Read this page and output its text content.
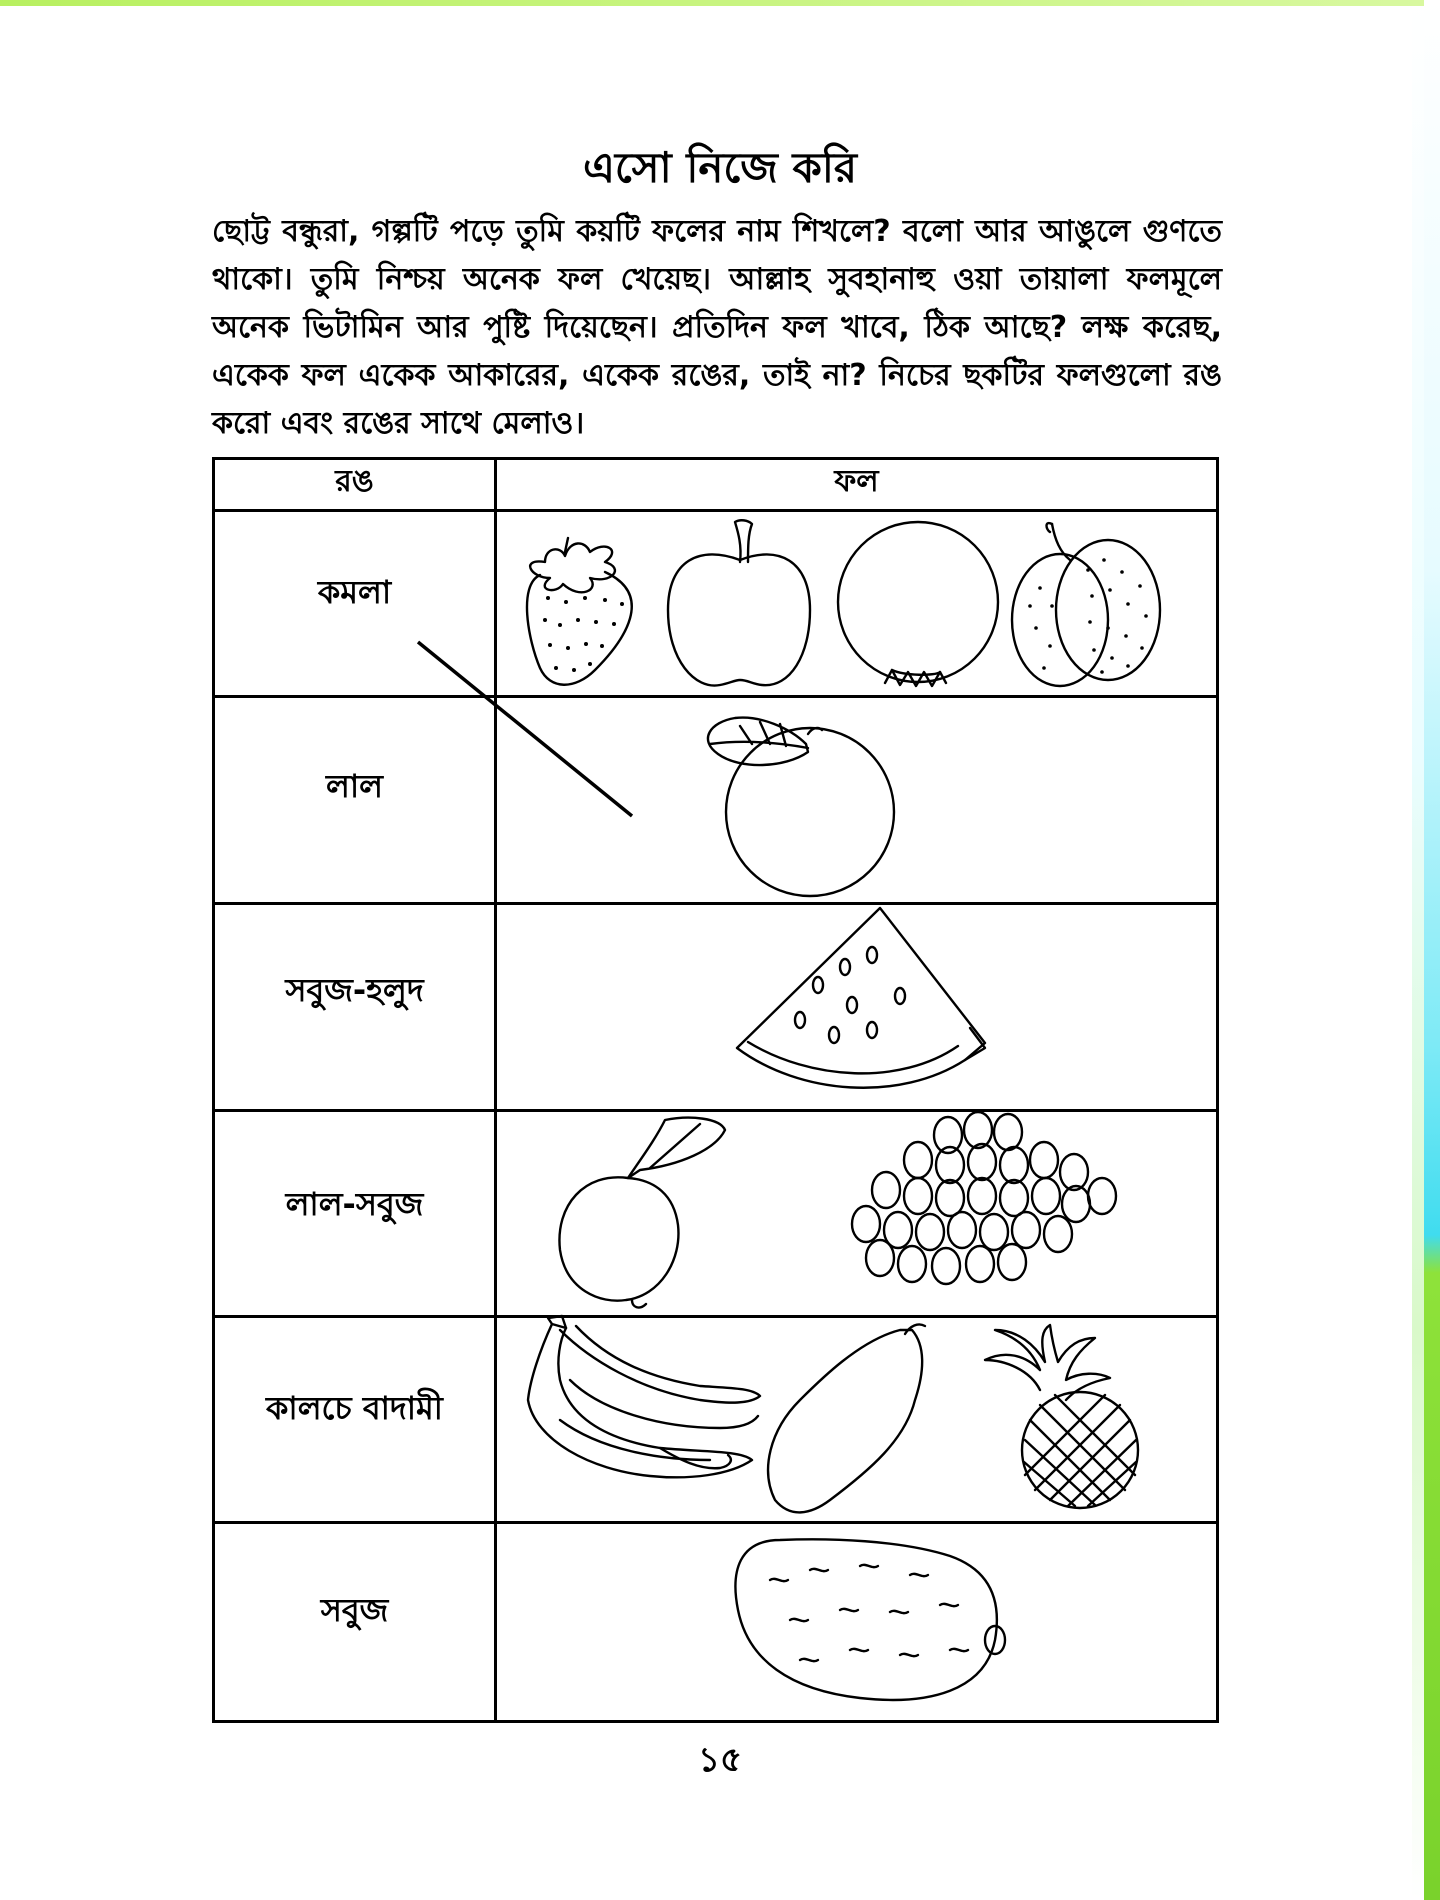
এসো নিজে করি
ছোট্ট বন্ধুরা, গল্পটি পড়ে তুমি কয়টি ফলের নাম শিখলে? বলো আর আঙুলে গুণতে থাকো। তুমি নিশ্চয় অনেক ফল খেয়েছ। আল্লাহ সুবহানাহু ওয়া তায়ালা ফলমূলে অনেক ভিটামিন আর পুষ্টি দিয়েছেন। প্রতিদিন ফল খাবে, ঠিক আছে? লক্ষ করেছ, একেক ফল একেক আকারের, একেক রঙের, তাই না? নিচের ছকটির ফলগুলো রঙ করো এবং রঙের সাথে মেলাও।
রঙ	ফল
কমলা
লাল
সবুজ-হলুদ
লাল-সবুজ
কালচে বাদামী
সবুজ
১৫
